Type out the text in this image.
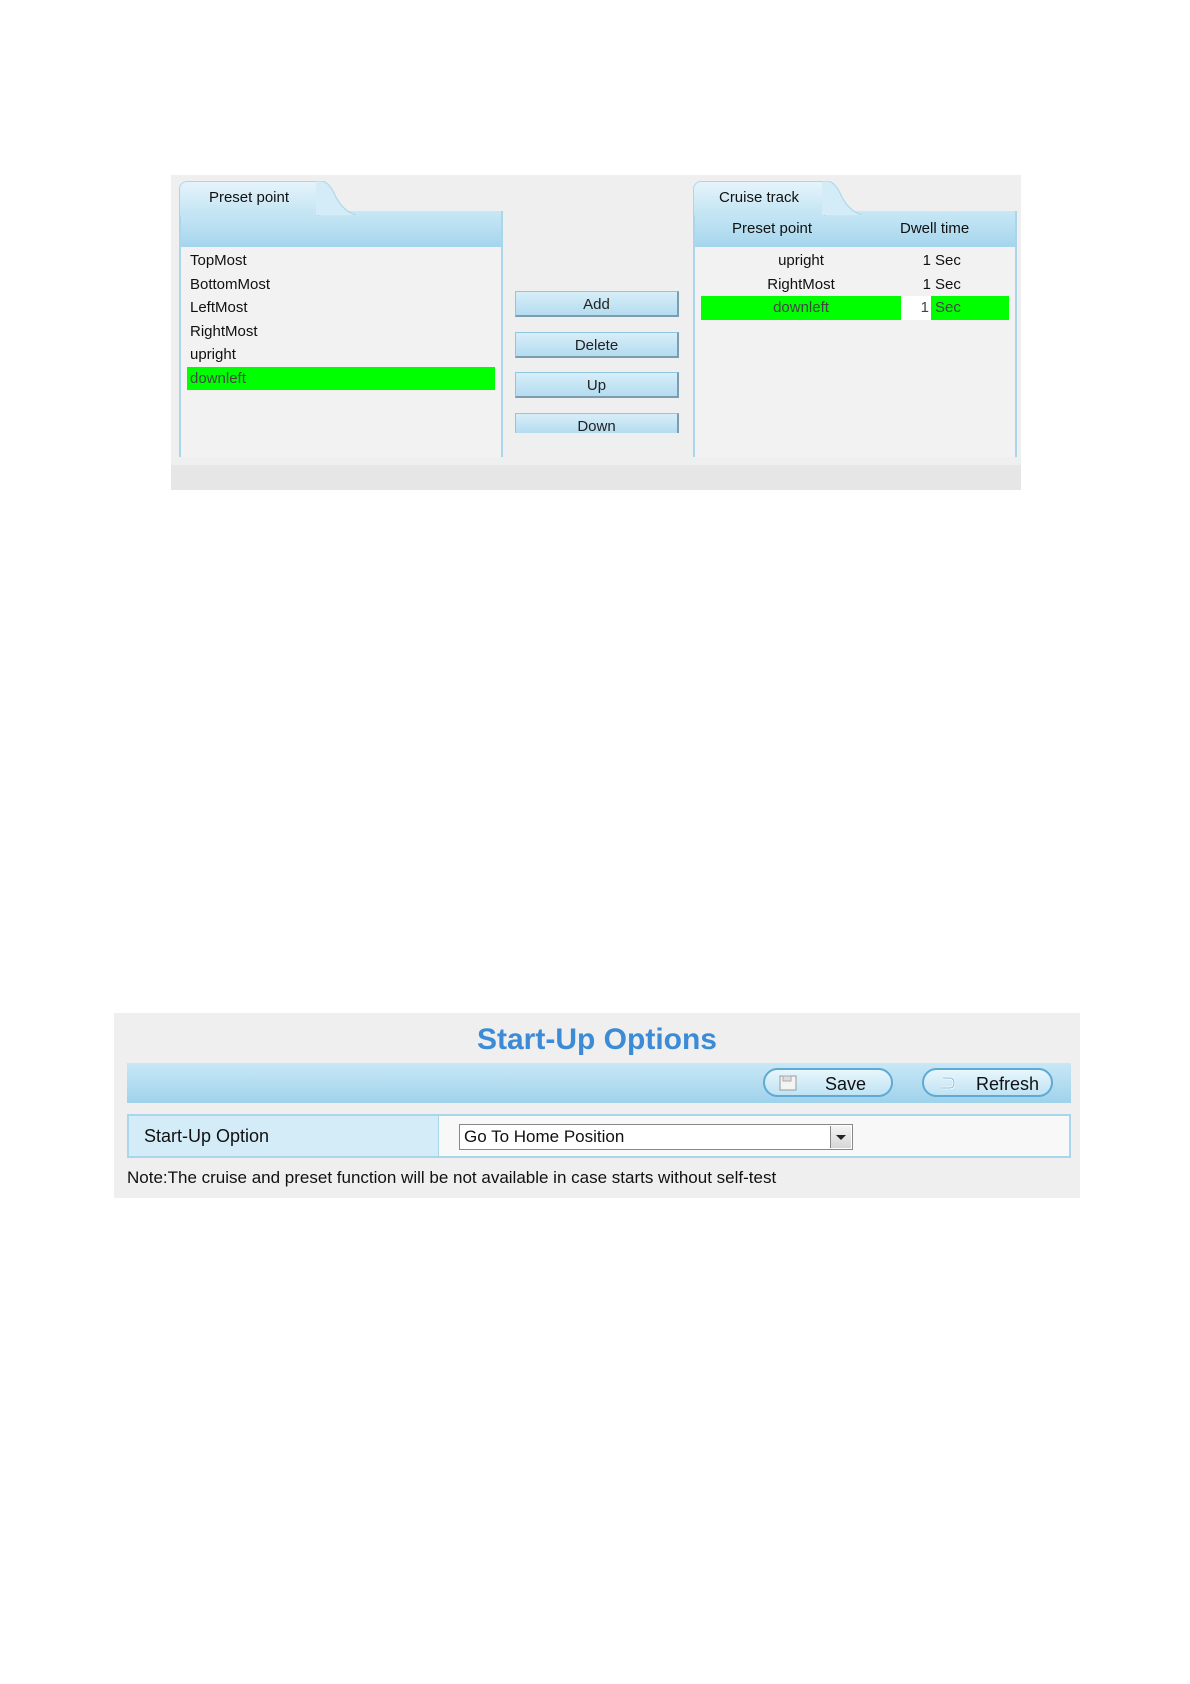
TopMost
BottomMost
LeftMost
RightMost
upright
downleft
Preset point
Add
Delete
Up
Down
Preset point	Dwell time
upright	1 Sec
RightMost	1 Sec
downleft	1 Sec
Cruise track
Start-Up Options
Save	Refresh
Start-Up Option	Go To Home Position
Note:The cruise and preset function will be not available in case starts without self-test
